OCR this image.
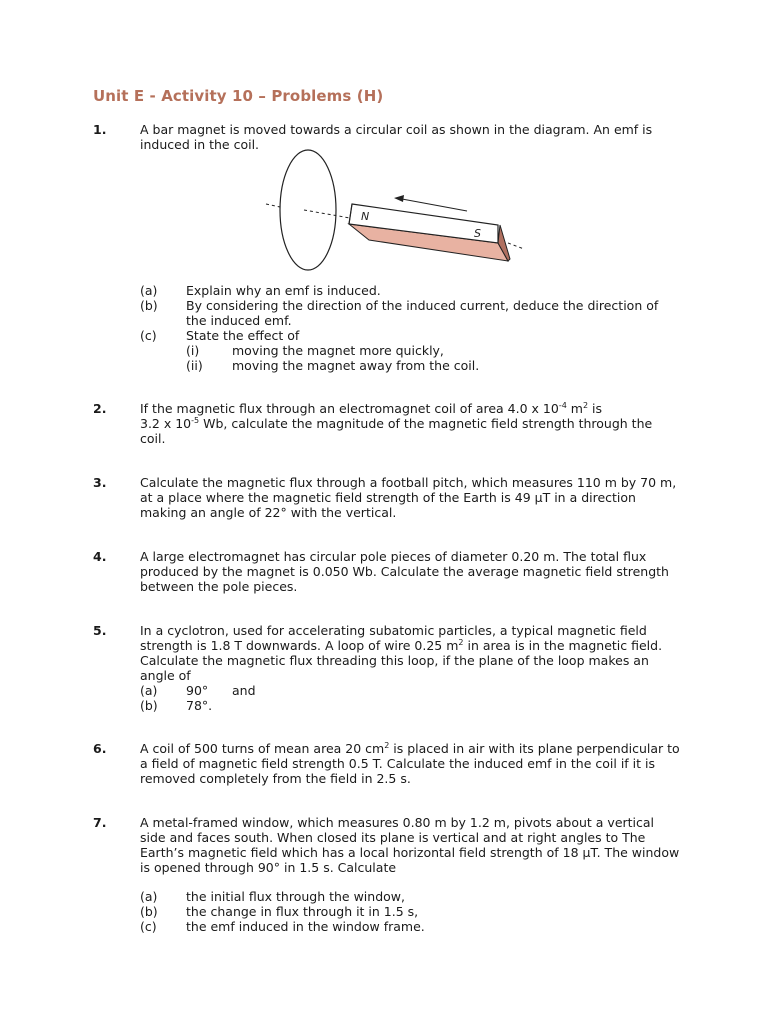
Unit E - Activity 10 – Problems (H)
1.	A bar magnet is moved towards a circular coil as shown in the diagram. An emf is induced in the coil.

N
S
(a)	Explain why an emf is induced.
(b)	By considering the direction of the induced current, deduce the direction of the induced emf.
(c)	State the effect of
(i)	moving the magnet more quickly,
(ii)	moving the magnet away from the coil.
2.	If the magnetic flux through an electromagnet coil of area 4.0 x $10^{-4}$ $m^2$ is
3.2 x $10^{-5}$ Wb, calculate the magnitude of the magnetic field strength through the coil.

3.	Calculate the magnetic flux through a football pitch, which measures 110 m by 70 m, at a place where the magnetic field strength of the Earth is 49 μT in a direction making an angle of 22° with the vertical.

4.	A large electromagnet has circular pole pieces of diameter 0.20 m. The total flux produced by the magnet is 0.050 Wb. Calculate the average magnetic field strength between the pole pieces.

5.	In a cyclotron, used for accelerating subatomic particles, a typical magnetic field strength is 1.8 T downwards. A loop of wire 0.25 $m^2$ in area is in the magnetic field. Calculate the magnetic flux threading this loop, if the plane of the loop makes an angle of

(a)	90°      and
(b)	78°.
6.	A coil of 500 turns of mean area 20 $cm^2$ is placed in air with its plane perpendicular to a field of magnetic field strength 0.5 T. Calculate the induced emf in the coil if it is removed completely from the field in 2.5 s.

7.	A metal-framed window, which measures 0.80 m by 1.2 m, pivots about a vertical side and faces south. When closed its plane is vertical and at right angles to The Earth’s magnetic field which has a local horizontal field strength of 18 μT. The window is opened through 90° in 1.5 s. Calculate

(a)	the initial flux through the window,
(b)	the change in flux through it in 1.5 s,
(c)	the emf induced in the window frame.
